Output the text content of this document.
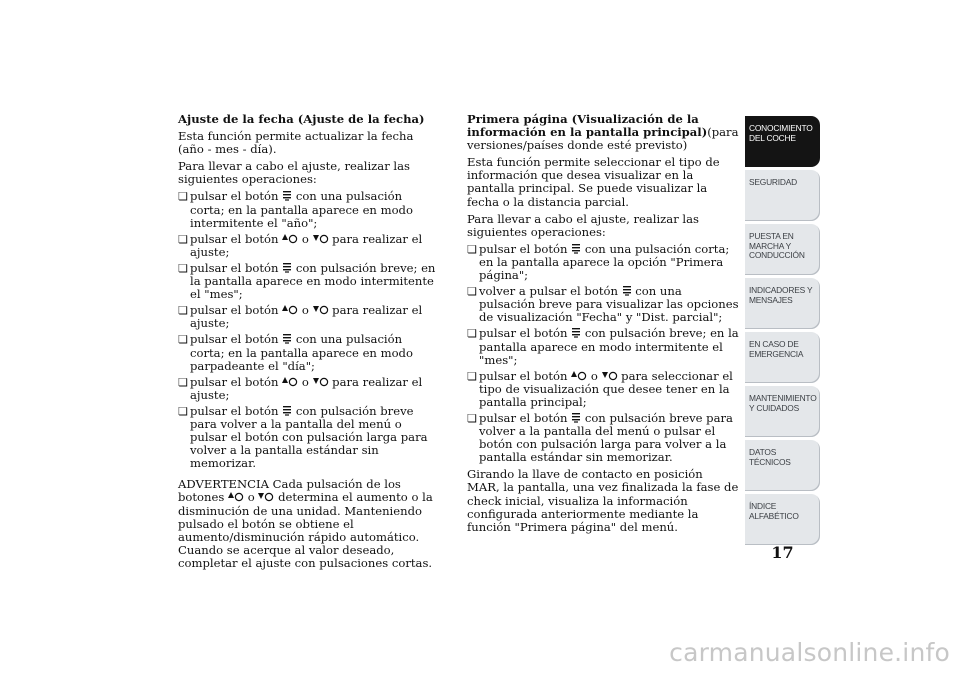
Ajuste de la fecha (Ajuste de la fecha)
Esta función permite actualizar la fecha (año - mes - día).
Para llevar a cabo el ajuste, realizar las siguientes operaciones:
❏ pulsar el botón  con una pulsación corta; en la pantalla aparece en modo intermitente el "año";
❏ pulsar el botón  o  para realizar el ajuste;
❏ pulsar el botón  con pulsación breve; en la pantalla aparece en modo intermitente el "mes";
❏ pulsar el botón  o  para realizar el ajuste;
❏ pulsar el botón  con una pulsación corta; en la pantalla aparece en modo parpadeante el "día";
❏ pulsar el botón  o  para realizar el ajuste;
❏ pulsar el botón  con pulsación breve para volver a la pantalla del menú o pulsar el botón con pulsación larga para volver a la pantalla estándar sin memorizar.
ADVERTENCIA Cada pulsación de los botones o determina el aumento o la disminución de una unidad. Manteniendo pulsado el botón se obtiene el aumento/disminución rápido automático. Cuando se acerque al valor deseado, completar el ajuste con pulsaciones cortas.
Primera página (Visualización de la información en la pantalla principal)(para versiones/países donde esté previsto)
Esta función permite seleccionar el tipo de información que desea visualizar en la pantalla principal. Se puede visualizar la fecha o la distancia parcial.
Para llevar a cabo el ajuste, realizar las siguientes operaciones:
❏ pulsar el botón  con una pulsación corta; en la pantalla aparece la opción "Primera página";
❏ volver a pulsar el botón  con una pulsación breve para visualizar las opciones de visualización "Fecha" y "Dist. parcial";
❏ pulsar el botón  con pulsación breve; en la pantalla aparece en modo intermitente el "mes";
❏ pulsar el botón  o  para seleccionar el tipo de visualización que desee tener en la pantalla principal;
❏ pulsar el botón  con pulsación breve para volver a la pantalla del menú o pulsar el botón con pulsación larga para volver a la pantalla estándar sin memorizar.
Girando la llave de contacto en posición MAR, la pantalla, una vez finalizada la fase de check inicial, visualiza la información configurada anteriormente mediante la función "Primera página" del menú.
CONOCIMIENTO DEL COCHE
SEGURIDAD
PUESTA EN MARCHA Y CONDUCCIÓN
INDICADORES Y MENSAJES
EN CASO DE EMERGENCIA
MANTENIMIENTO Y CUIDADOS
DATOS TÉCNICOS
ÍNDICE ALFABÉTICO
17
carmanualsonline.info
